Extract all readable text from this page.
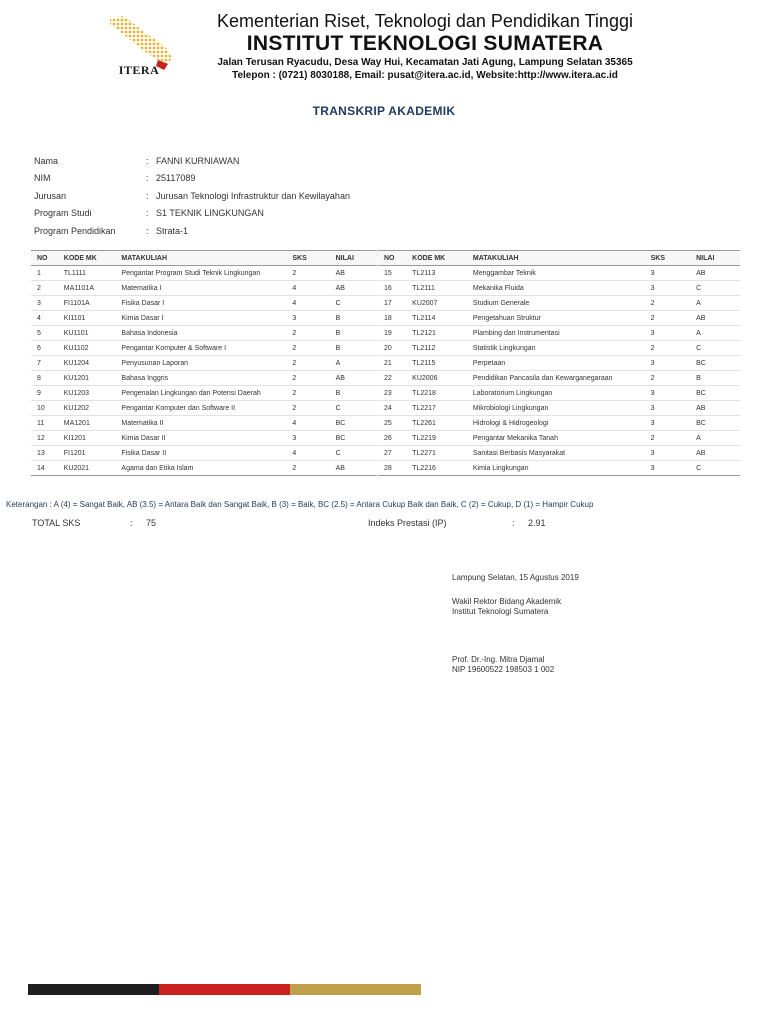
ITERA
Kementerian Riset, Teknologi dan Pendidikan Tinggi
INSTITUT TEKNOLOGI SUMATERA
Jalan Terusan Ryacudu, Desa Way Hui, Kecamatan Jati Agung, Lampung Selatan 35365
Telepon : (0721) 8030188, Email: pusat@itera.ac.id, Website:http://www.itera.ac.id
TRANSKRIP AKADEMIK
Nama	: FANNI KURNIAWAN
NIM	: 25117089
Jurusan	: Jurusan Teknologi Infrastruktur dan Kewilayahan
Program Studi	: S1 TEKNIK LINGKUNGAN
Program Pendidikan	: Strata-1
NO	KODE MK	MATAKULIAH	SKS	NILAI
1	TL1111	Pengantar Program Studi Teknik Lingkungan	2	AB
2	MA1101A	Matematika I	4	AB
3	FI1101A	Fisika Dasar I	4	C
4	KI1101	Kimia Dasar I	3	B
5	KU1101	Bahasa Indonesia	2	B
6	KU1102	Pengantar Komputer & Software I	2	B
7	KU1204	Penyusunan Laporan	2	A
8	KU1201	Bahasa Inggris	2	AB
9	KU1203	Pengenalan Lingkungan dan Potensi Daerah	2	B
10	KU1202	Pengantar Komputer dan Software II	2	C
11	MA1201	Matematika II	4	BC
12	KI1201	Kimia Dasar II	3	BC
13	FI1201	Fisika Dasar II	4	C
14	KU2021	Agama dan Etika Islam	2	AB
NO	KODE MK	MATAKULIAH	SKS	NILAI
15	TL2113	Menggambar Teknik	3	AB
16	TL2111	Mekanika Fluida	3	C
17	KU2007	Studium Generale	2	A
18	TL2114	Pengetahuan Struktur	2	AB
19	TL2121	Plambing dan Instrumentasi	3	A
20	TL2112	Statistik Lingkungan	2	C
21	TL2115	Perpetaan	3	BC
22	KU2006	Pendidikan Pancasila dan Kewarganegaraan	2	B
23	TL2218	Laboratorium Lingkungan	3	BC
24	TL2217	Mikrobiologi Lingkungan	3	AB
25	TL2261	Hidrologi & Hidrogeologi	3	BC
26	TL2219	Pengantar Mekanika Tanah	2	A
27	TL2271	Sanitasi Berbasis Masyarakat	3	AB
28	TL2216	Kimia Lingkungan	3	C
Keterangan : A (4) = Sangat Baik, AB (3.5) = Antara Baik dan Sangat Baik, B (3) = Baik, BC (2.5) = Antara Cukup Baik dan Baik, C (2) = Cukup, D (1) = Hampir Cukup
TOTAL SKS	:	75	Indeks Prestasi (IP)	:	2.91
Lampung Selatan, 15 Agustus 2019
Wakil Rektor Bidang Akademik
Institut Teknologi Sumatera
Prof. Dr.-Ing. Mitra Djamal
NIP 19600522 198503 1 002
